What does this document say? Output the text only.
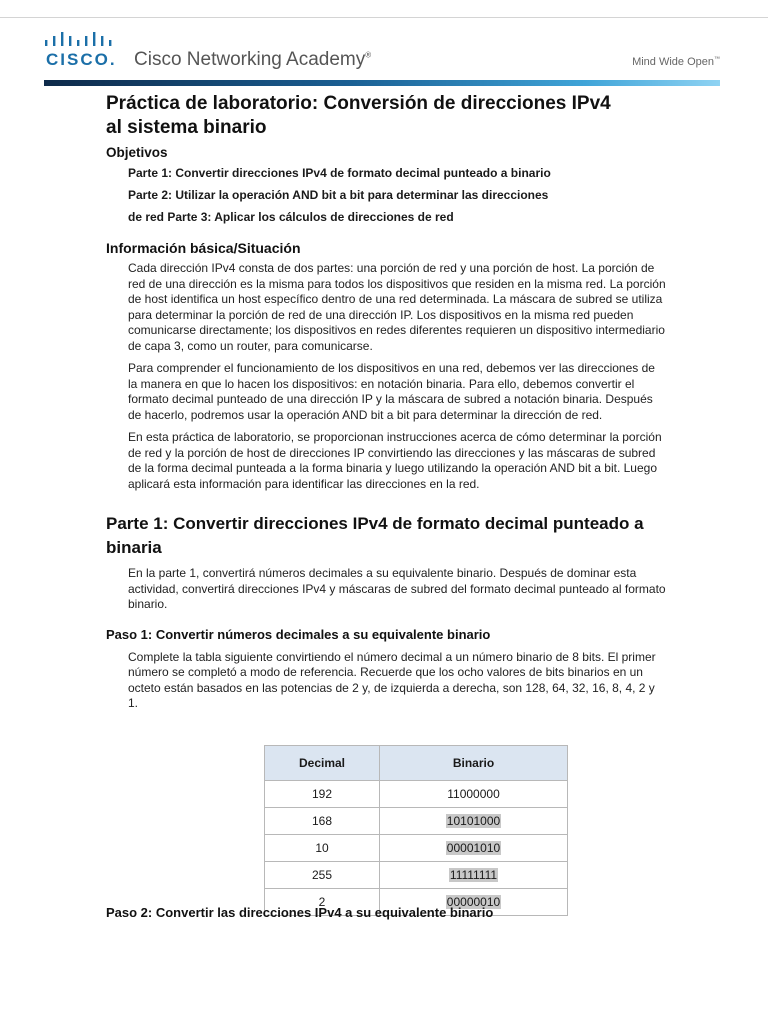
CISCO. Cisco Networking Academy®
Mind Wide Open™
Práctica de laboratorio: Conversión de direcciones IPv4
al sistema binario
Objetivos
Parte 1: Convertir direcciones IPv4 de formato decimal punteado a binario
Parte 2: Utilizar la operación AND bit a bit para determinar las direcciones
de red Parte 3: Aplicar los cálculos de direcciones de red
Información básica/Situación

Cada dirección IPv4 consta de dos partes: una porción de red y una porción de host. La porción de red de una dirección es la misma para todos los dispositivos que residen en la misma red. La porción de host identifica un host específico dentro de una red determinada. La máscara de subred se utiliza para determinar la porción de red de una dirección IP. Los dispositivos en la misma red pueden comunicarse directamente; los dispositivos en redes diferentes requieren un dispositivo intermediario de capa 3, como un router, para comunicarse.

Para comprender el funcionamiento de los dispositivos en una red, debemos ver las direcciones de la manera en que lo hacen los dispositivos: en notación binaria. Para ello, debemos convertir el formato decimal punteado de una dirección IP y la máscara de subred a notación binaria. Después de hacerlo, podremos usar la operación AND bit a bit para determinar la dirección de red.

En esta práctica de laboratorio, se proporcionan instrucciones acerca de cómo determinar la porción de red y la porción de host de direcciones IP convirtiendo las direcciones y las máscaras de subred de la forma decimal punteada a la forma binaria y luego utilizando la operación AND bit a bit. Luego aplicará esta información para identificar las direcciones en la red.

Parte 1: Convertir direcciones IPv4 de formato decimal punteado a
binaria

En la parte 1, convertirá números decimales a su equivalente binario. Después de dominar esta actividad, convertirá direcciones IPv4 y máscaras de subred del formato decimal punteado al formato binario.

Paso 1: Convertir números decimales a su equivalente binario

Complete la tabla siguiente convirtiendo el número decimal a un número binario de 8 bits. El primer número se completó a modo de referencia. Recuerde que los ocho valores de bits binarios en un octeto están basados en las potencias de 2 y, de izquierda a derecha, son 128, 64, 32, 16, 8, 4, 2 y 1.

Decimal	Binario
192	11000000
168	10101000
10	00001010
255	11111111
2	00000010
Paso 2: Convertir las direcciones IPv4 a su equivalente binario
